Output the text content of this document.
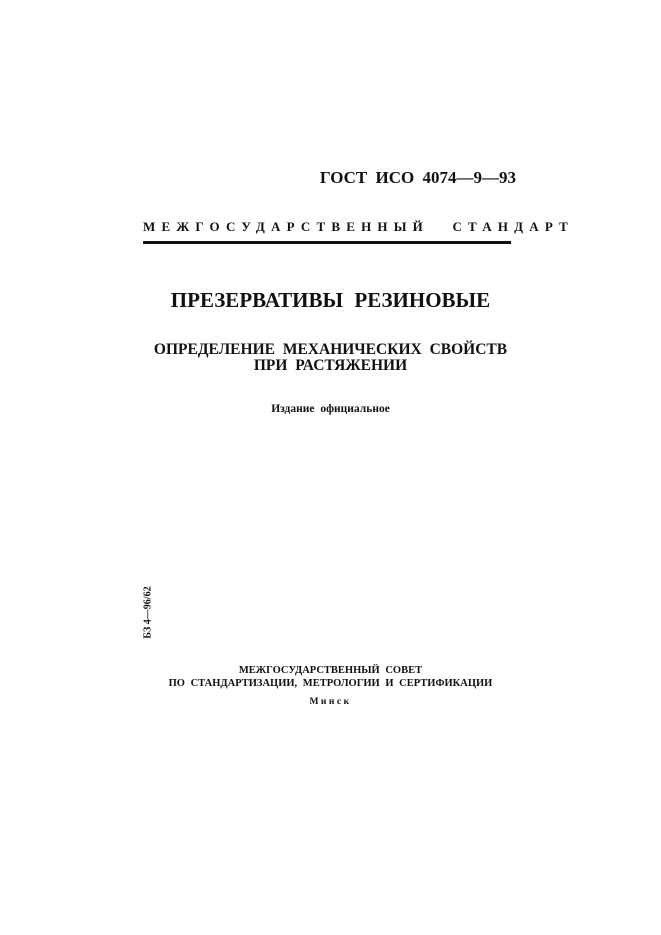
ГОСТ ИСО 4074—9—93
МЕЖГОСУДАРСТВЕННЫЙ СТАНДАРТ
ПРЕЗЕРВАТИВЫ РЕЗИНОВЫЕ
ОПРЕДЕЛЕНИЕ МЕХАНИЧЕСКИХ СВОЙСТВ
ПРИ РАСТЯЖЕНИИ
Издание официальное
БЗ 4—96/62
МЕЖГОСУДАРСТВЕННЫЙ СОВЕТ
ПО СТАНДАРТИЗАЦИИ, МЕТРОЛОГИИ И СЕРТИФИКАЦИИ
Минск
